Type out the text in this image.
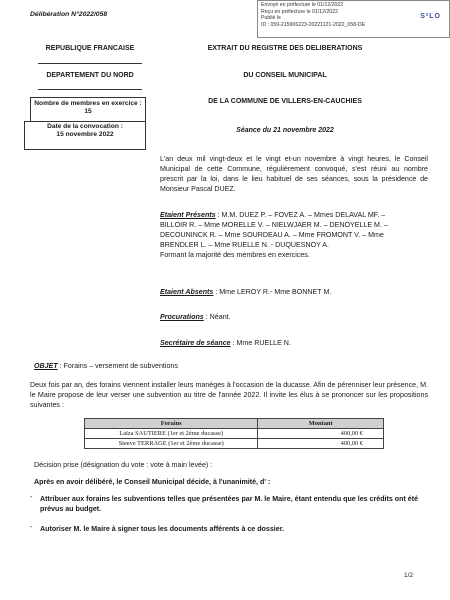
Délibération N°2022/058
Envoyé en préfecture le 01/12/2022
Reçu en préfecture le 01/12/2022
Publié le
ID : 059-215906223-20221121-2022_058-DE
S²LO
REPUBLIQUE FRANCAISE
DEPARTEMENT DU NORD
Nombre de membres en exercice : 15
Date de la convocation :
15 novembre 2022
EXTRAIT DU REGISTRE DES DELIBERATIONS
DU CONSEIL MUNICIPAL
DE LA COMMUNE DE VILLERS-EN-CAUCHIES
Séance du 21 novembre 2022
L'an deux mil vingt-deux et le vingt et-un novembre à vingt heures, le Conseil Municipal de cette Commune, régulièrement convoqué, s'est réuni au nombre prescrit par la loi, dans le lieu habituel de ses séances, sous la présidence de Monsieur Pascal DUEZ.
Etaient Présents : M.M. DUEZ P. – FOVEZ A. – Mmes DELAVAL MF. –
BILLOIR R. – Mme MORELLE V. – NIELWJAER M. – DENOYELLE M. –
DECOUNINCK R. – Mme SOURDEAU A. – Mme FROMONT V. – Mme
BRENDLER L. – Mme RUELLE N. - DUQUESNOY A.
Formant la majorité des membres en exercices.
Etaient Absents : Mme LEROY R.- Mme BONNET M.
Procurations : Néant.
Secrétaire de séance : Mme RUELLE N.
OBJET : Forains – versement de subventions
Deux fois par an, des forains viennent installer leurs manèges à l'occasion de la ducasse. Afin de pérenniser leur présence, M. le Maire propose de leur verser une subvention au titre de l'année 2022. Il invite les élus à se prononcer sur les propositions suivantes :
Forains	Montant
Laïza SAUTIERE (1er et 2ème ducasse)	400,00 €
Steeve TERRAGE (1er et 2ème ducasse)	400,00 €
Décision prise (désignation du vote : vote à main levée) :
Après en avoir délibéré, le Conseil Municipal décide, à l'unanimité, d' :
- Attribuer aux forains les subventions telles que présentées par M. le Maire, étant entendu que les crédits ont été prévus au budget.
- Autoriser M. le Maire à signer tous les documents afférents à ce dossier.
1/2
